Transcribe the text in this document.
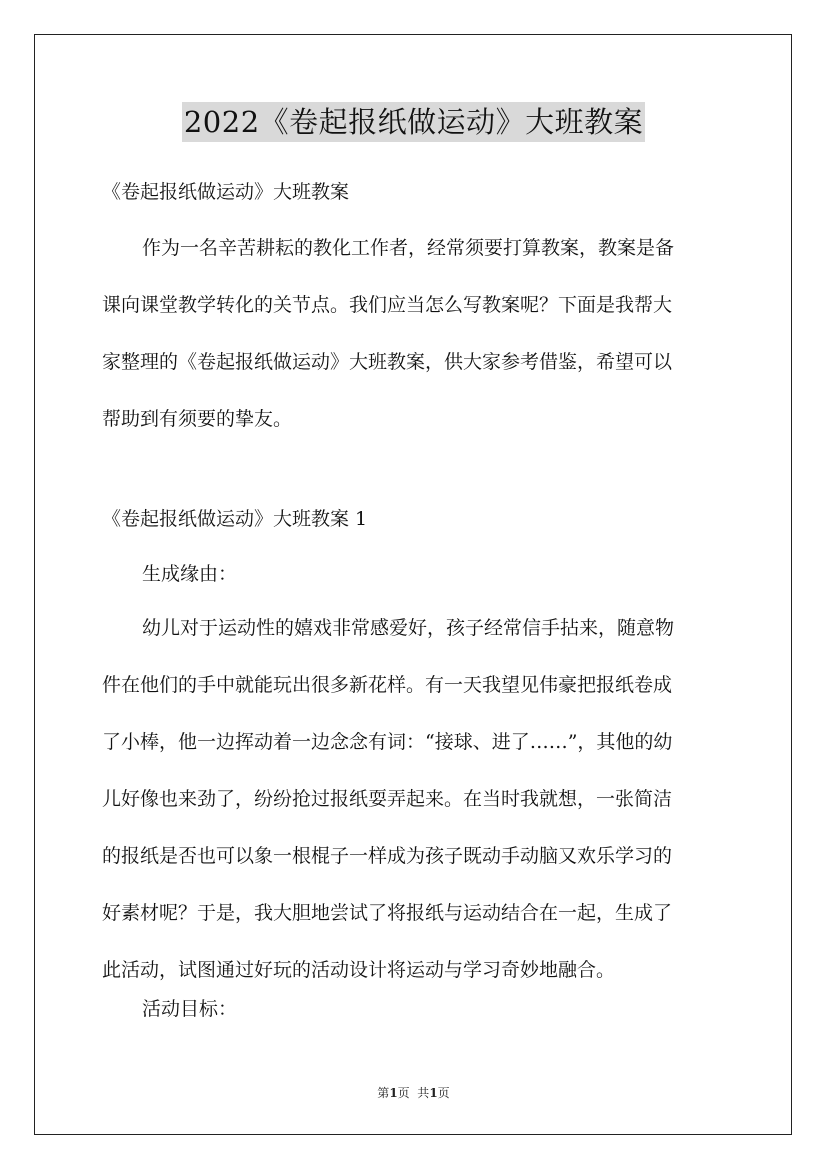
2022《卷起报纸做运动》大班教案
《卷起报纸做运动》大班教案
作为一名辛苦耕耘的教化工作者，经常须要打算教案，教案是备
课向课堂教学转化的关节点。我们应当怎么写教案呢？下面是我帮大
家整理的《卷起报纸做运动》大班教案，供大家参考借鉴，希望可以
帮助到有须要的挚友。
《卷起报纸做运动》大班教案 1
生成缘由：
幼儿对于运动性的嬉戏非常感爱好，孩子经常信手拈来，随意物
件在他们的手中就能玩出很多新花样。有一天我望见伟豪把报纸卷成
了小棒，他一边挥动着一边念念有词：“接球、进了……”，其他的幼
儿好像也来劲了，纷纷抢过报纸耍弄起来。在当时我就想，一张简洁
的报纸是否也可以象一根棍子一样成为孩子既动手动脑又欢乐学习的
好素材呢？于是，我大胆地尝试了将报纸与运动结合在一起，生成了
此活动，试图通过好玩的活动设计将运动与学习奇妙地融合。
活动目标：
第1页  共1页
